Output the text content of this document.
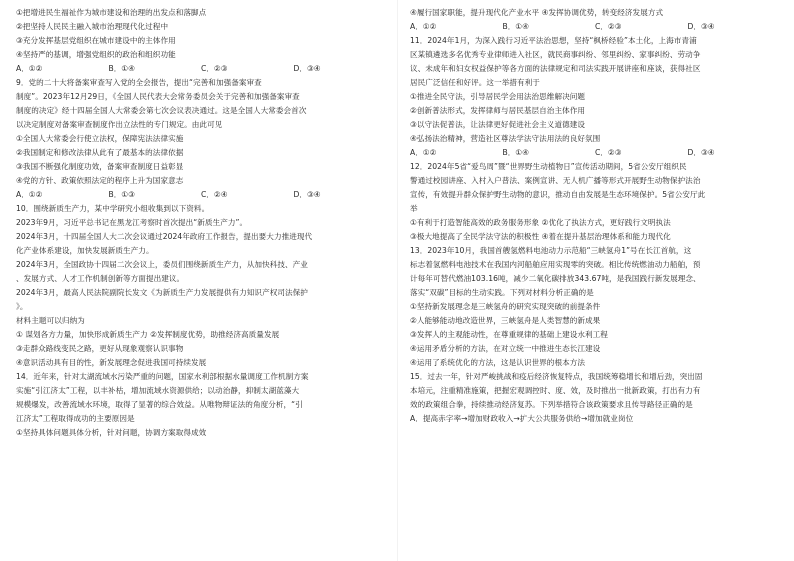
①把增进民生福祉作为城市建设和治理的出发点和落脚点
②把坚持人民民主融入城市治理现代化过程中
③充分发挥基层党组织在城市建设中的主体作用
④坚持严的基调，增强党组织的政治和组织功能
A．①②	B．①④	C．②③	D．③④
9．党的二十大将备案审查写入党的全会报告，提出“完善和加强备案审查
制度”。2023年12月29日，《全国人民代表大会常务委员会关于完善和加强备案审查
制度的决定》经十四届全国人大常委会第七次会议表决通过。这是全国人大常委会首次
以决定制度对备案审查制度作出立法性的专门规定。由此可见
①全国人大常委会行使立法权，保障宪法法律实施
②我国制定和修改法律从此有了最基本的法律依据
③我国不断强化制度功效，备案审查制度日益彰显
④党的方针、政策依照法定的程序上升为国家意志
A．①②	B．①③	C．②④	D．③④
10．围绕新质生产力，某中学研究小组收集到以下资料。
2023年9月，习近平总书记在黑龙江考察时首次提出“新质生产力”。
2024年3月，十四届全国人大二次会议通过2024年政府工作报告，提出要大力推进现代
化产业体系建设，加快发展新质生产力。
2024年3月，全国政协十四届二次会议上，委员们围绕新质生产力，从加快科技、产业
、发展方式、人才工作机制创新等方面提出建议。
2024年3月，最高人民法院副院长发文《为新质生产力发展提供有力知识产权司法保护
》。
材料主题可以归纳为
① 谋划各方力量，加快形成新质生产力 ②发挥制度优势，助推经济高质量发展
③走群众路线变民之路，更好从现象观察认识事物
④意识活动具有目的性，新发展理念促进我国可持续发展
14．近年来，针对太湖流域水污染严重的问题，国家水利部根据水量调度工作机制方案
实施“引江济太”工程，以丰补枯，增加流域水资源供给；以动治静，抑制太湖蓝藻大
规模爆发，改善流域水环境，取得了显著的综合效益。从唯物辩证法的角度分析，“引
江济太”工程取得成功的主要原因是
①坚持具体问题具体分析，针对问题，协调方案取得成效
④履行国家职能，提升现代化产业水平 ④发挥协调优势，转变经济发展方式
A．①②	B．①④	C．②③	D．③④
11．2024年1月，为深入践行习近平法治思想，坚持“枫桥经验”本土化，上海市青浦
区某镇遴选多名优秀专业律师进入社区，就民商事纠纷、邻里纠纷、家事纠纷、劳动争
议、未成年和妇女权益保护等各方面的法律规定和司法实践开展讲座和座谈，获得社区
居民广泛信任和好评。这一举措有利于
①推进全民守法，引导居民学会用法治思维解决问题
②创新普法形式，发挥律师与居民基层自治主体作用
③以守法促普法，让法律更好促进社会主义道德建设
④弘扬法治精神，营造社区尊法学法守法用法的良好氛围
A．①②	B．①④	C．②③	D．③④
12．2024年5省“爱鸟周”暨“世界野生动植物日”宣传活动期间，5省公安厅组织民
警通过校园讲座、入村入户普法、案例宣讲、无人机广播等形式开展野生动物保护法治
宣传，有效提升群众保护野生动物的意识，推动自由发展是生态环境保护。5省公安厅此
举
①有利于打造智能高效的政务服务形象 ②优化了执法方式，更好践行文明执法
③极大地提高了全民学法守法的积极性 ④着在提升基层治理体系和能力现代化
13．2023年10月，我国首艘氢燃料电池动力示范船“三峡氢舟1”号在长江首航，这
标志着氢燃料电池技术在我国内河船舶应用实现零的突破。相比传统燃油动力船舶，预
计每年可替代燃油103.16吨，减少二氧化碳排放343.67吨，是我国践行新发展理念、
落实“双碳”目标的生动实践。下列对材料分析正确的是
①坚持新发展理念是三峡氢舟的研究实现突破的前提条件
②人能够能动地改造世界，三峡氢舟是人类智慧的新成果
③发挥人的主观能动性，在尊重规律的基础上建设水利工程
④运用矛盾分析的方法，在对立统一中推进生态长江建设
④运用了系统优化的方法，这是认识世界的根本方法
15．过去一年，针对严峻挑战和疫后经济恢复特点，我国统筹稳增长和增后劲，突出固
本培元，注重精准施策，把握宏观调控时、度、效，及时推出一批新政策，打出有力有
效的政策组合拳，持续推动经济复苏。下列举措符合该政策要求且传导路径正确的是
A．提高赤字率→增加财政收入→扩大公共服务供给→增加就业岗位
